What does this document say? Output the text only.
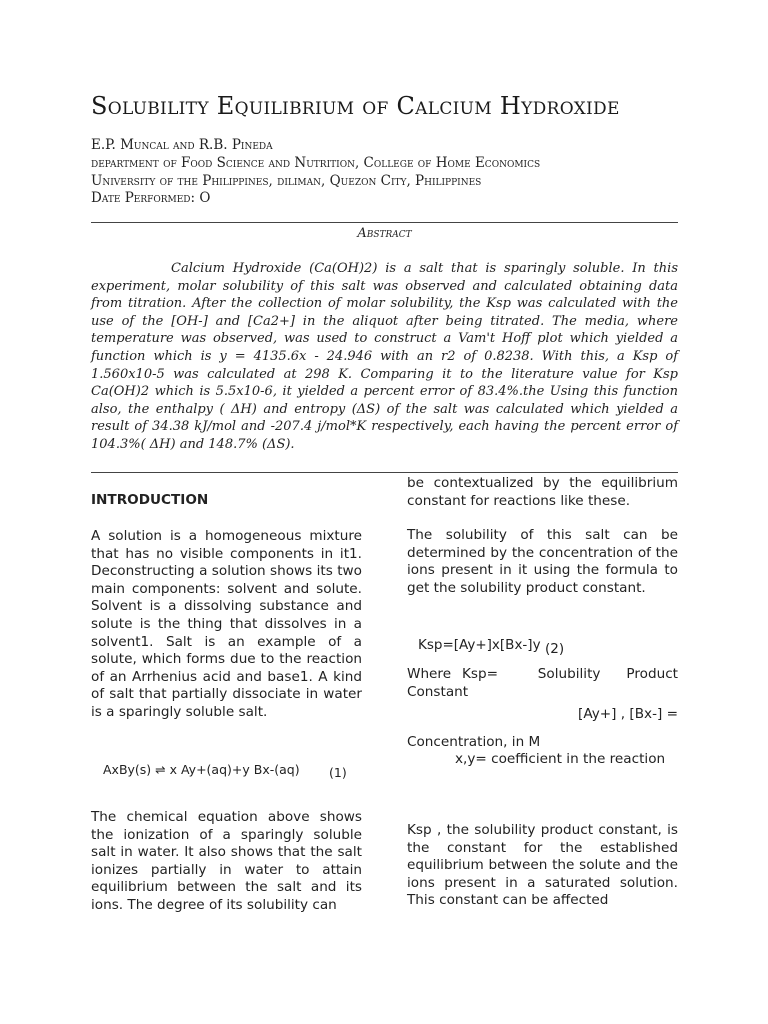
Solubility Equilibrium of Calcium Hydroxide
E.P. Muncal and R.B. Pineda
department of Food Science and Nutrition, College of Home Economics
University of the Philippines, diliman, Quezon City, Philippines
Date Performed: O
Abstract
Calcium Hydroxide (Ca(OH)2) is a salt that is sparingly soluble. In this experiment, molar solubility of this salt was observed and calculated obtaining data from titration. After the collection of molar solubility, the Ksp was calculated with the use of the [OH-] and [Ca2+] in the aliquot after being titrated. The media, where temperature was observed, was used to construct a Vam't Hoff plot which yielded a function which is y = 4135.6x - 24.946 with an r2 of 0.8238. With this, a Ksp of 1.560x10-5 was calculated at 298 K. Comparing it to the literature value for Ksp Ca(OH)2 which is 5.5x10-6, it yielded a percent error of 83.4%.the Using this function also, the enthalpy ( ΔH) and entropy (ΔS) of the salt was calculated which yielded a result of 34.38 kJ/mol and -207.4 j/mol*K respectively, each having the percent error of 104.3%( ΔH) and 148.7% (ΔS).
INTRODUCTION
A solution is a homogeneous mixture that has no visible components in it1. Deconstructing a solution shows its two main components: solvent and solute. Solvent is a dissolving substance and solute is the thing that dissolves in a solvent1. Salt is an example of a solute, which forms due to the reaction of an Arrhenius acid and base1. A kind of salt that partially dissociate in water is a sparingly soluble salt.
AxBy(s) ⇌ x Ay+(aq)+y Bx-(aq) (1)
The chemical equation above shows the ionization of a sparingly soluble salt in water. It also shows that the salt ionizes partially in water to attain equilibrium between the salt and its ions. The degree of its solubility can
be contextualized by the equilibrium constant for reactions like these.
The solubility of this salt can be determined by the concentration of the ions present in it using the formula to get the solubility product constant.
Ksp=[Ay+]x[Bx-]y (2)
Where Ksp=	Solubility      Product
Constant
[Ay+] , [Bx-] =
Concentration, in M
x,y= coefficient in the reaction
Ksp , the solubility product constant, is the constant for the established equilibrium between the solute and the ions present in a saturated solution. This constant can be affected
